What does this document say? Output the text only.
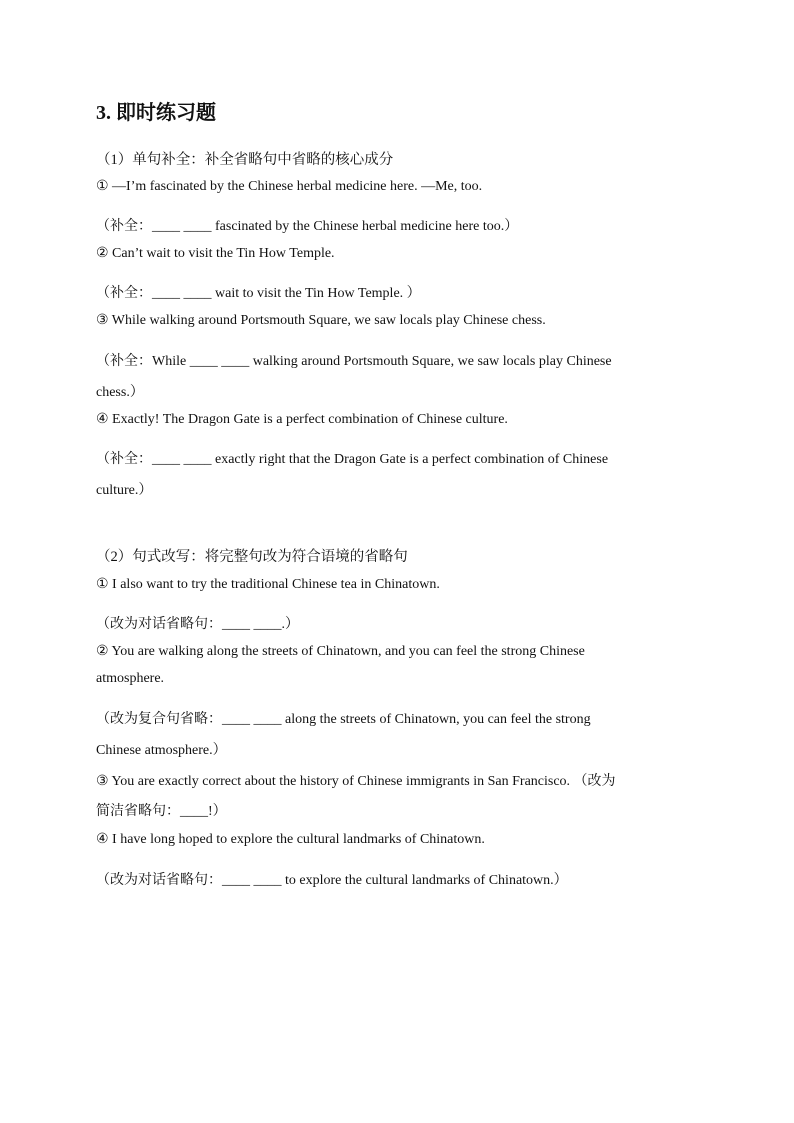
3. 即时练习题
（1）单句补全：补全省略句中省略的核心成分
① —I’m fascinated by the Chinese herbal medicine here. —Me, too.
（补全：____ ____ fascinated by the Chinese herbal medicine here too.）
② Can’t wait to visit the Tin How Temple.
（补全：____ ____ wait to visit the Tin How Temple. ）
③ While walking around Portsmouth Square, we saw locals play Chinese chess.
（补全：While ____ ____ walking around Portsmouth Square, we saw locals play Chinese
chess.）
④ Exactly! The Dragon Gate is a perfect combination of Chinese culture.
（补全：____ ____ exactly right that the Dragon Gate is a perfect combination of Chinese
culture.）
（2）句式改写：将完整句改为符合语境的省略句
① I also want to try the traditional Chinese tea in Chinatown.
（改为对话省略句：____ ____.）
② You are walking along the streets of Chinatown, and you can feel the strong Chinese
atmosphere.
（改为复合句省略：____ ____ along the streets of Chinatown, you can feel the strong
Chinese atmosphere.）
③ You are exactly correct about the history of Chinese immigrants in San Francisco. （改为
简洁省略句：____!）
④ I have long hoped to explore the cultural landmarks of Chinatown.
（改为对话省略句：____ ____ to explore the cultural landmarks of Chinatown.）
